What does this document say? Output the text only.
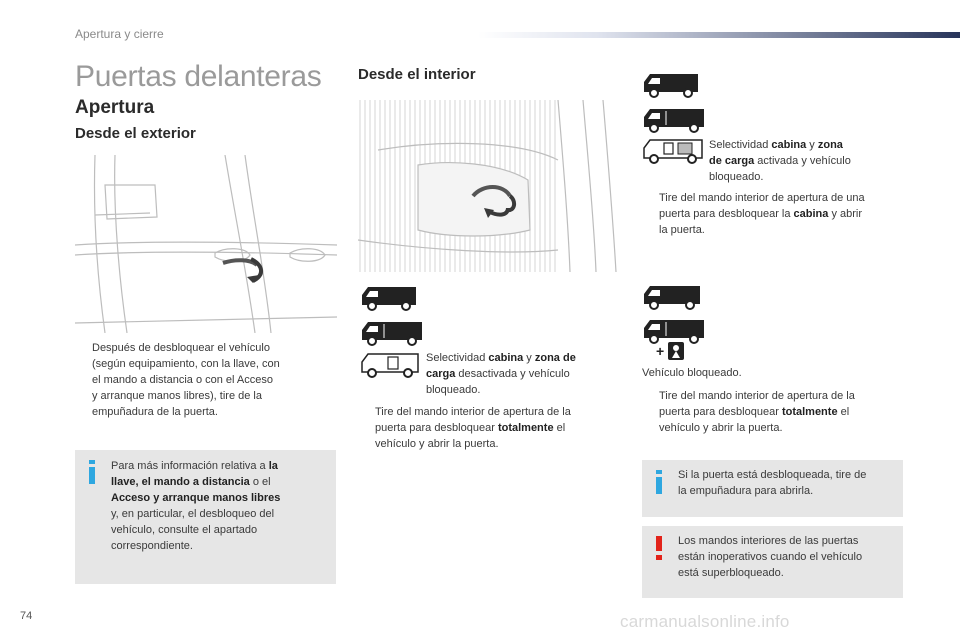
Apertura y cierre
Puertas delanteras
Apertura
Desde el exterior
Desde el interior
Después de desbloquear el vehículo
(según equipamiento, con la llave, con
el mando a distancia o con el Acceso
y arranque manos libres), tire de la
empuñadura de la puerta.
Para más información relativa a la
llave, el mando a distancia o el
Acceso y arranque manos libres
y, en particular, el desbloqueo del
vehículo, consulte el apartado
correspondiente.
Selectividad cabina y zona de
carga desactivada y vehículo
bloqueado.
Tire del mando interior de apertura de la
puerta para desbloquear totalmente el
vehículo y abrir la puerta.
Selectividad cabina y zona
de carga activada y vehículo
bloqueado.
Tire del mando interior de apertura de una
puerta para desbloquear la cabina y abrir
la puerta.
+
Vehículo bloqueado.
Tire del mando interior de apertura de la
puerta para desbloquear totalmente el
vehículo y abrir la puerta.
Si la puerta está desbloqueada, tire de
la empuñadura para abrirla.
Los mandos interiores de las puertas
están inoperativos cuando el vehículo
está superbloqueado.
74	carmanualsonline.info
